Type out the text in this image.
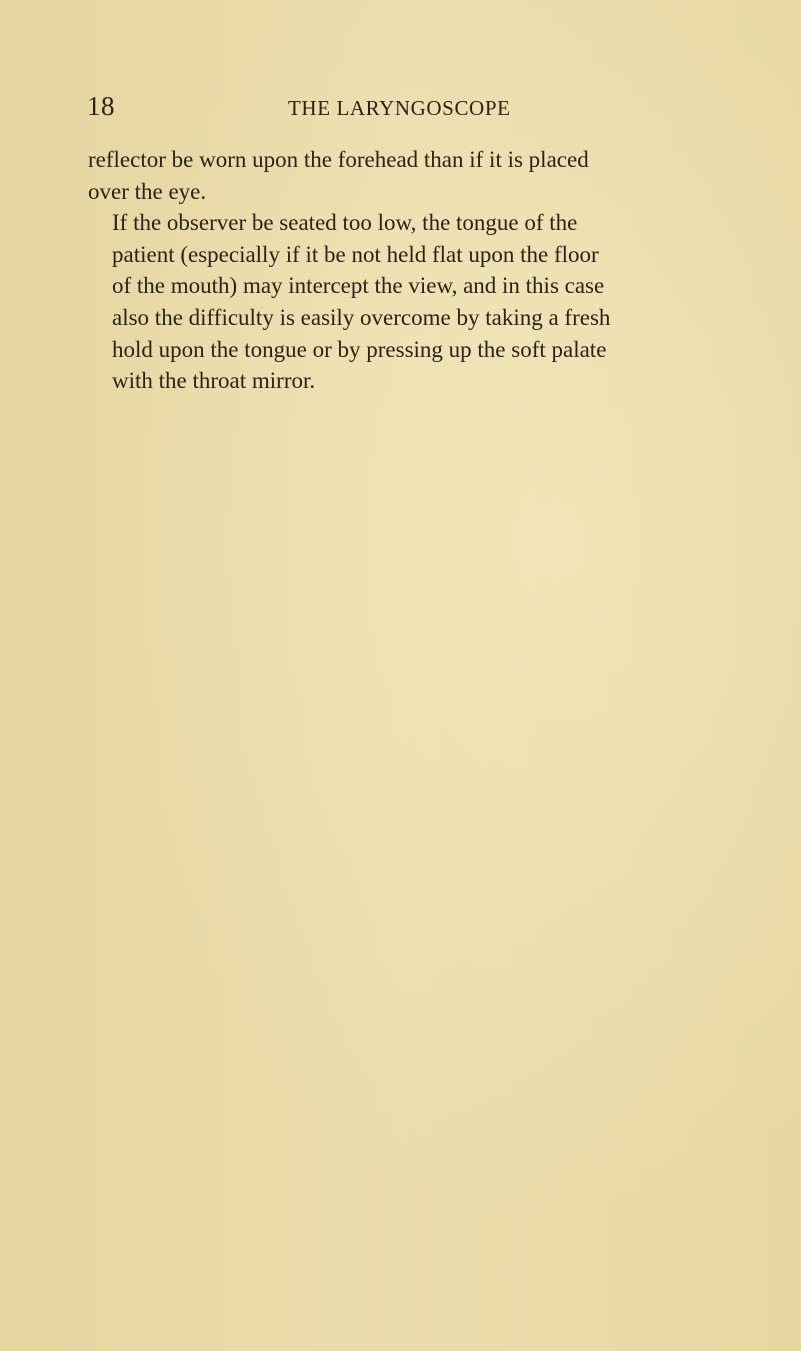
18	THE LARYNGOSCOPE

reflector be worn upon the forehead than if it is placed
over the eye.

If the observer be seated too low, the tongue of the
patient (especially if it be not held flat upon the floor
of the mouth) may intercept the view, and in this case
also the difficulty is easily overcome by taking a fresh
hold upon the tongue or by pressing up the soft palate
with the throat mirror.
